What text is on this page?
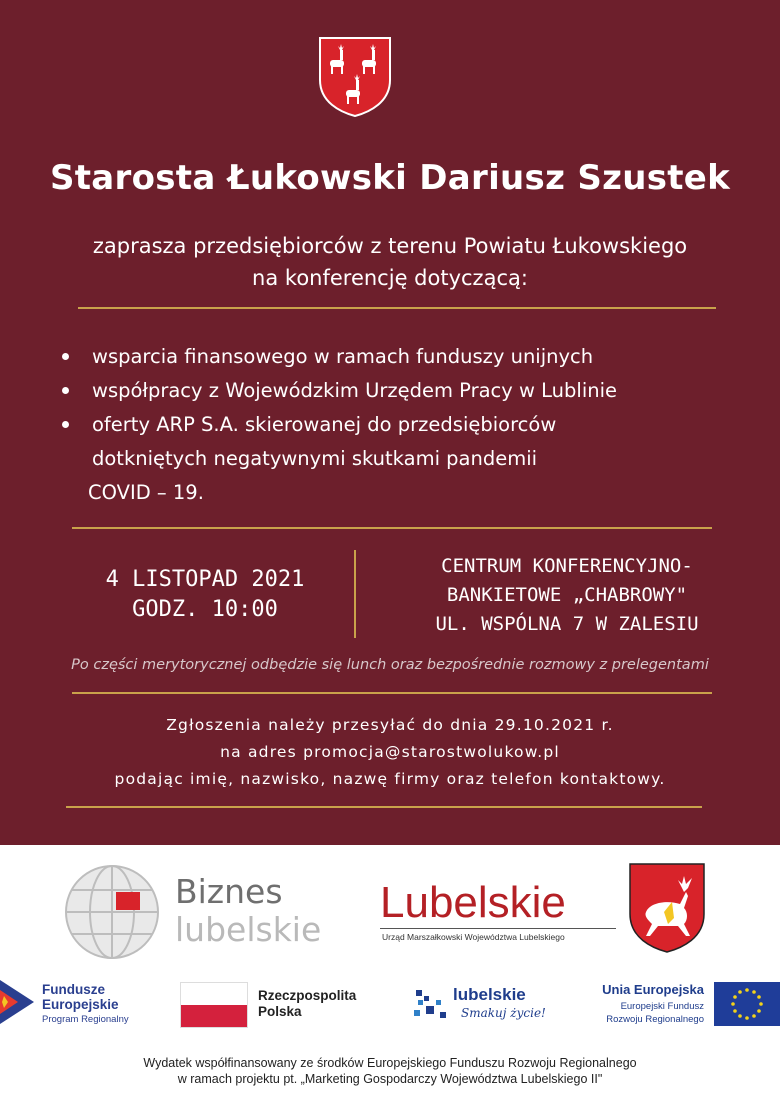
Starosta Łukowski Dariusz Szustek
zaprasza przedsiębiorców z terenu Powiatu Łukowskiego
na konferencję dotyczącą:
wsparcia finansowego w ramach funduszy unijnych
współpracy z Wojewódzkim Urzędem Pracy w Lublinie
oferty ARP S.A. skierowanej do przedsiębiorców
dotkniętych negatywnymi skutkami pandemii
COVID – 19.
4 LISTOPAD 2021
GODZ. 10:00
CENTRUM KONFERENCYJNO-
BANKIETOWE „CHABROWY"
UL. WSPÓLNA 7 W ZALESIU
Po części merytorycznej odbędzie się lunch oraz bezpośrednie rozmowy z prelegentami
Zgłoszenia należy przesyłać do dnia 29.10.2021 r.
na adres promocja@starostwolukow.pl
podając imię, nazwisko, nazwę firmy oraz telefon kontaktowy.
Biznes
lubelskie
Lubelskie
Urząd Marszałkowski Województwa Lubelskiego
Fundusze
Europejskie
Program Regionalny
Rzeczpospolita
Polska
lubelskie
Smakuj życie!
Unia Europejska
Europejski Fundusz
Rozwoju Regionalnego
Wydatek współfinansowany ze środków Europejskiego Funduszu Rozwoju Regionalnego
w ramach projektu pt. „Marketing Gospodarczy Województwa Lubelskiego II"
